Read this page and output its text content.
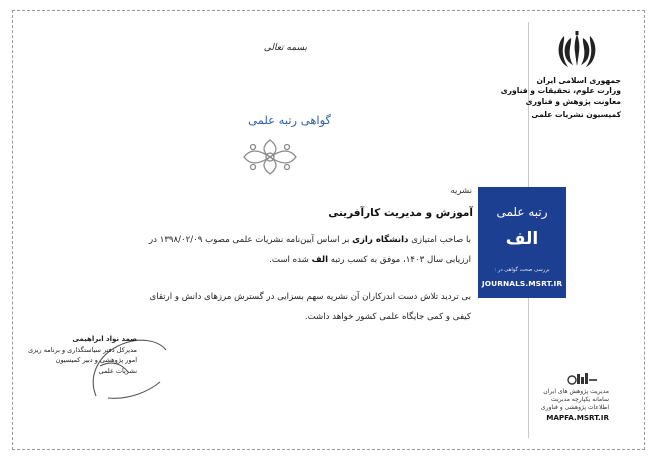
جمهوری اسلامی ایران
وزارت علوم، تحقیقات و فناوری
معاونت پژوهش و فناوری
کمیسیون نشریات علمی
رتبه علمی
الف
بررسی صحت گواهی در :
JOURNALS.MSRT.IR
مدیریت پژوهش های ایران
سامانه یکپارچه مدیریت
اطلاعات پژوهشی و فناوری
MAPFA.MSRT.IR
بسمه تعالی
گواهی رتبه علمی
نشریه
آموزش و مدیریت کارآفرینی
با صاحب امتیازی دانشگاه رازی بر اساس آیین‌نامه نشریات علمی مصوب ۱۳۹۸/۰۲/۰۹ در
ارزیابی سال ۱۴۰۳، موفق به کسب رتبه الف شده است.
بی تردید تلاش دست اندرکاران آن نشریه سهم بسزایی در گسترش مرزهای دانش و ارتقای
کیفی و کمی جایگاه علمی کشور خواهد داشت.
صمد نواد ابراهیمی
مدیرکل دفتر سیاستگذاری و برنامه ریزی
امور پژوهشی و دبیر کمیسیون
نشریات علمی
